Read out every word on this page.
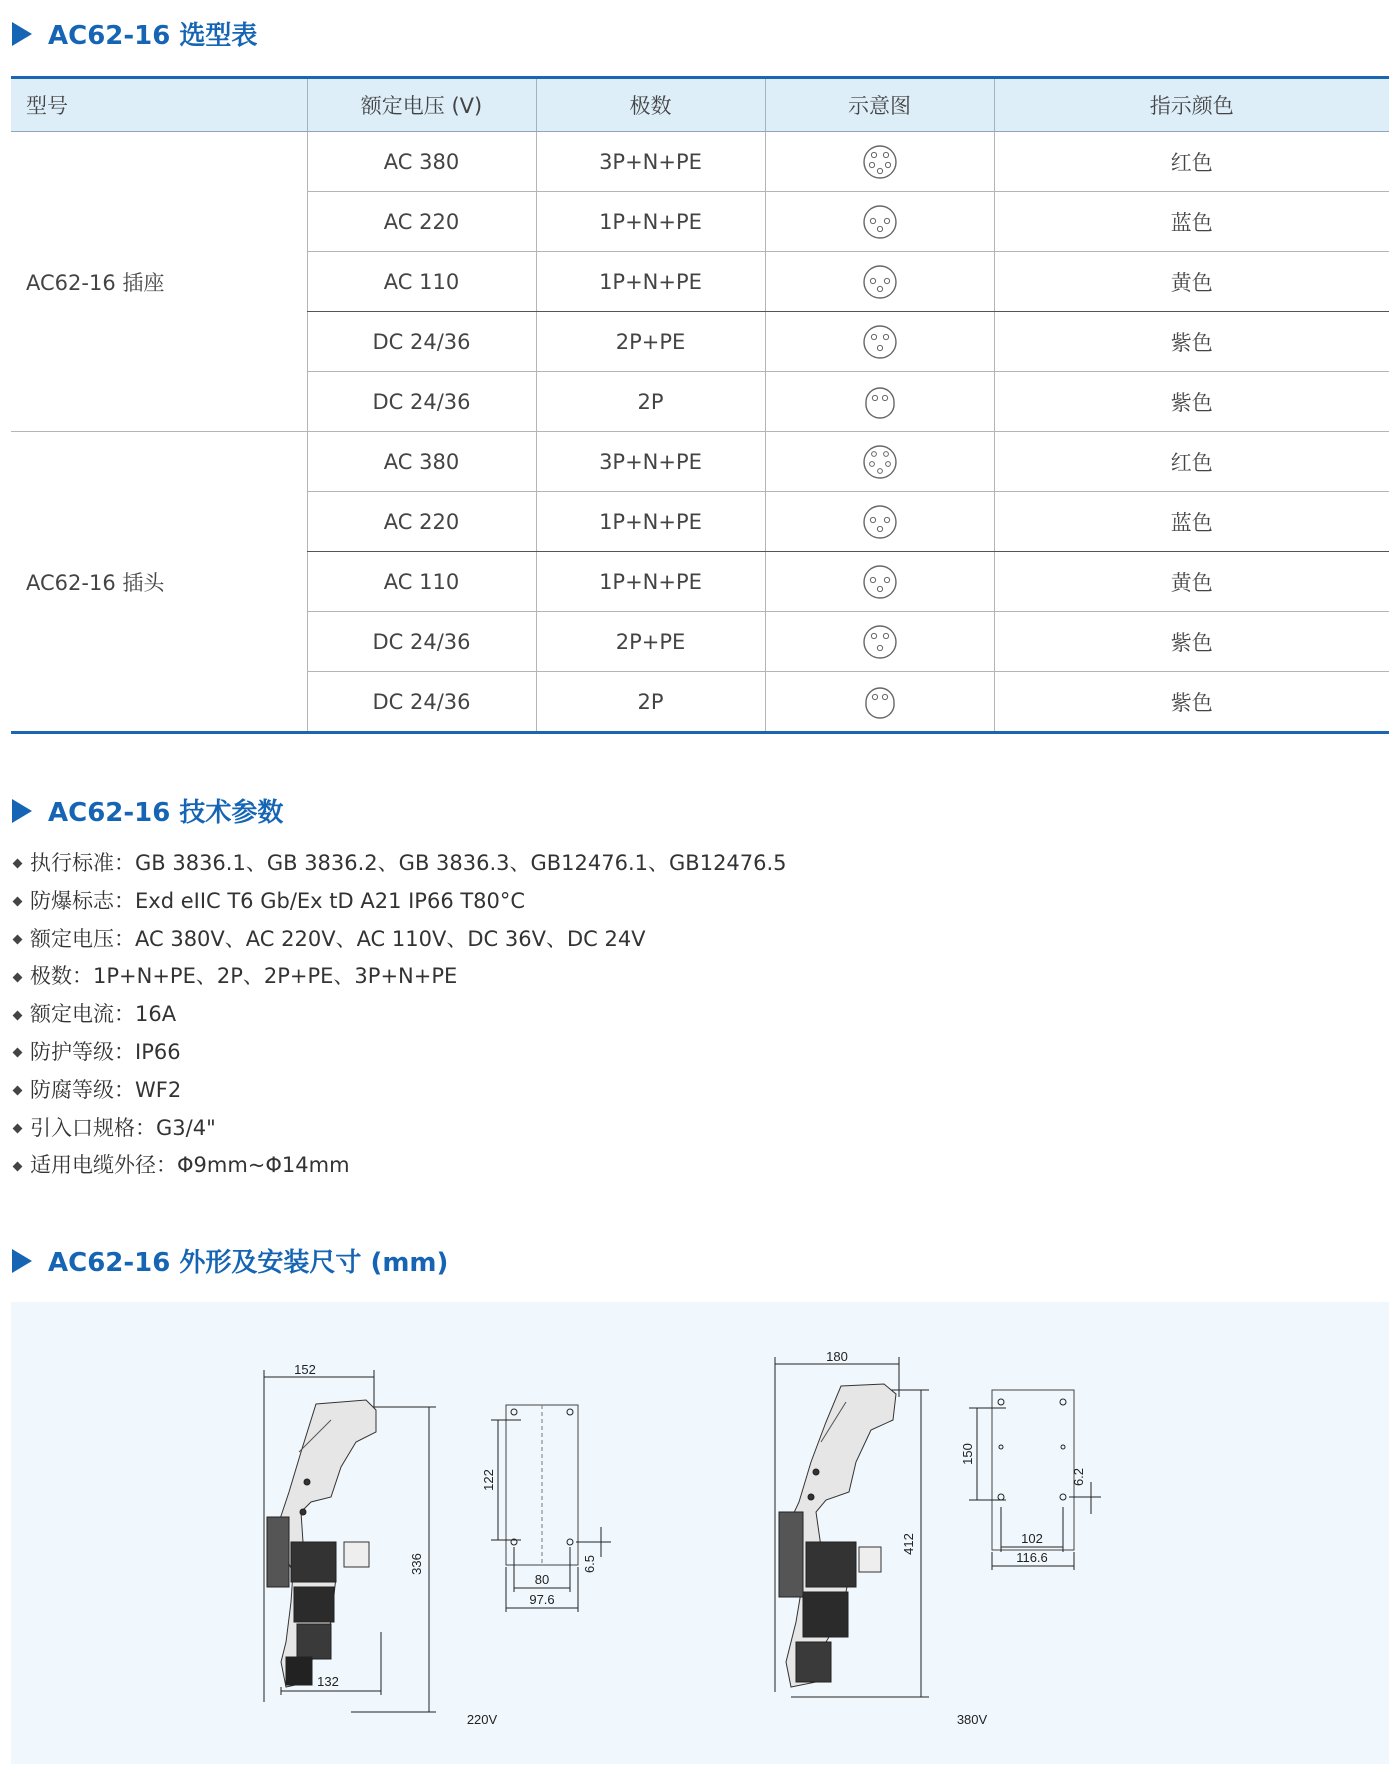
AC62-16 选型表
型号	额定电压 (V)	极数	示意图	指示颜色
AC62-16 插座	AC 380	3P+N+PE		红色
	AC 220	1P+N+PE		蓝色
	AC 110	1P+N+PE		黄色
	DC 24/36	2P+PE		紫色
	DC 24/36	2P		紫色
AC62-16 插头	AC 380	3P+N+PE		红色
	AC 220	1P+N+PE		蓝色
	AC 110	1P+N+PE		黄色
	DC 24/36	2P+PE		紫色
	DC 24/36	2P		紫色
AC62-16 技术参数
执行标准：GB 3836.1、GB 3836.2、GB 3836.3、GB12476.1、GB12476.5
防爆标志：Exd eIIC T6 Gb/Ex tD A21 IP66 T80°C
额定电压：AC 380V、AC 220V、AC 110V、DC 36V、DC 24V
极数：1P+N+PE、2P、2P+PE、3P+N+PE
额定电流：16A
防护等级：IP66
防腐等级：WF2
引入口规格：G3/4"
适用电缆外径：Φ9mm~Φ14mm
AC62-16 外形及安装尺寸 (mm)
152
336
132
122
80
97.6
6.5
220V
180
412
150
102
116.6
6.2
380V
